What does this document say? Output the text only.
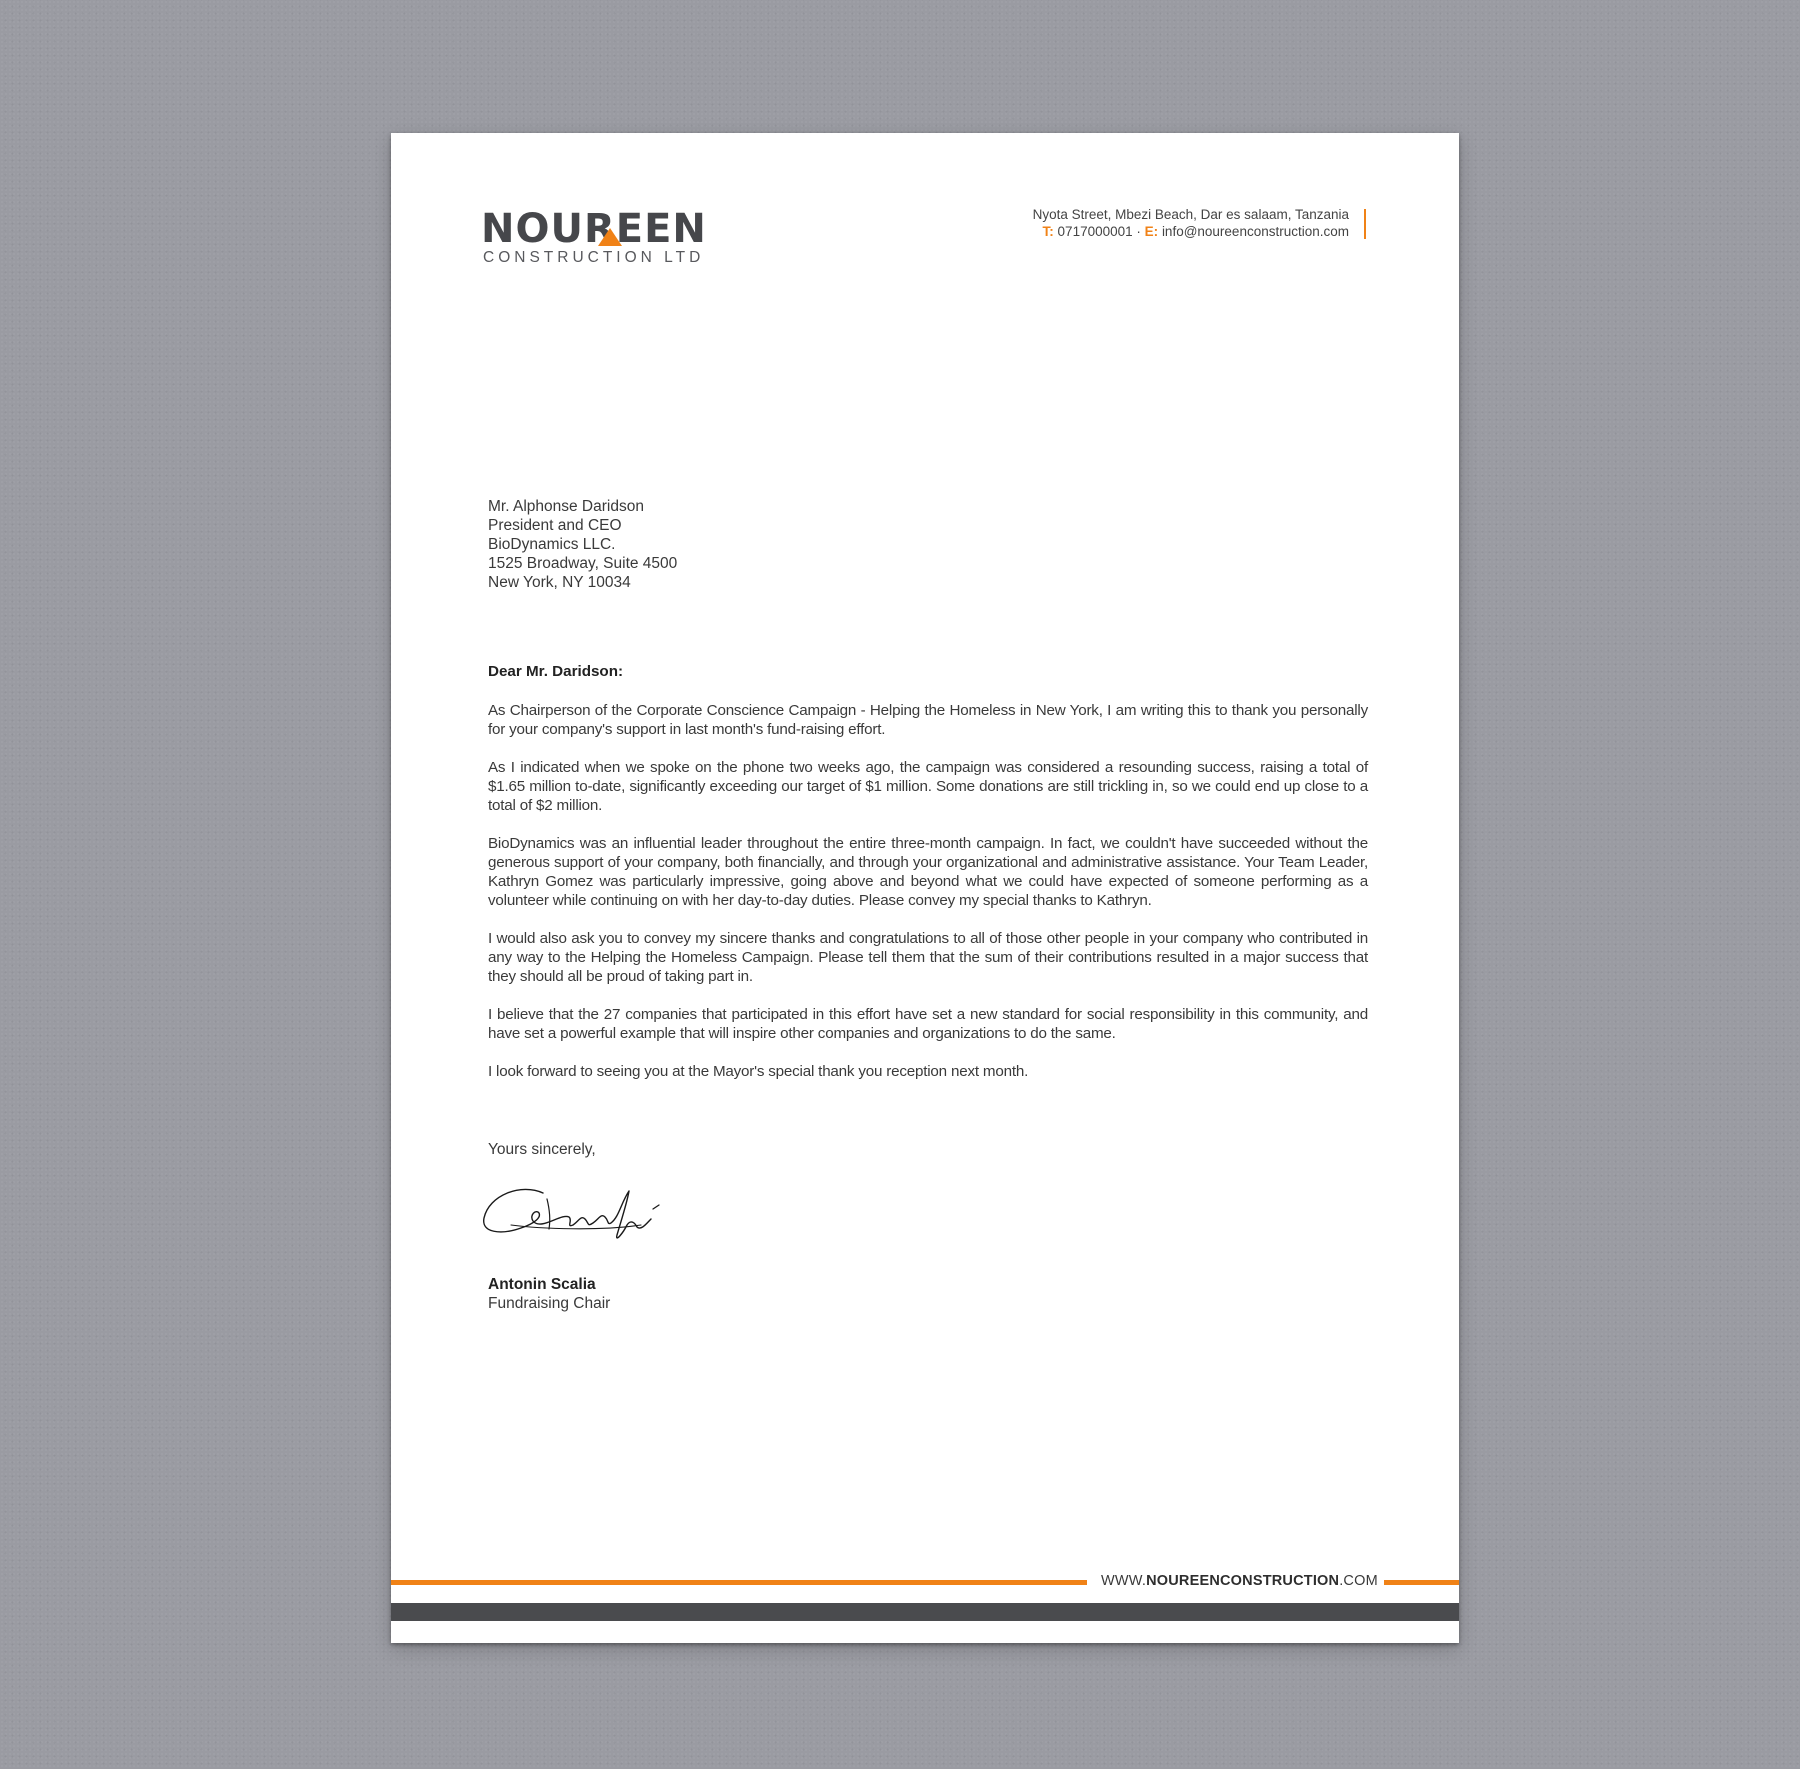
NOUREEN
CONSTRUCTION LTD
Nyota Street, Mbezi Beach, Dar es salaam, Tanzania
T: 0717000001 · E: info@noureenconstruction.com
Mr. Alphonse Daridson
President and CEO
BioDynamics LLC.
1525 Broadway, Suite 4500
New York, NY 10034
Dear Mr. Daridson:

As Chairperson of the Corporate Conscience Campaign - Helping the Homeless in New York, I am writing this to thank you personally for your company's support in last month's fund-raising effort.

As I indicated when we spoke on the phone two weeks ago, the campaign was considered a resounding success, raising a total of $1.65 million to-date, significantly exceeding our target of $1 million. Some donations are still trickling in, so we could end up close to a total of $2 million.

BioDynamics was an influential leader throughout the entire three-month campaign. In fact, we couldn't have succeeded without the generous support of your company, both financially, and through your organizational and administrative assistance. Your Team Leader, Kathryn Gomez was particularly impressive, going above and beyond what we could have expected of someone performing as a volunteer while continuing on with her day-to-day duties. Please convey my special thanks to Kathryn.

I would also ask you to convey my sincere thanks and congratulations to all of those other people in your company who contributed in any way to the Helping the Homeless Campaign. Please tell them that the sum of their contributions resulted in a major success that they should all be proud of taking part in.

I believe that the 27 companies that participated in this effort have set a new standard for social responsibility in this community, and have set a powerful example that will inspire other companies and organizations to do the same.

I look forward to seeing you at the Mayor's special thank you reception next month.

Yours sincerely,
Antonin Scalia
Fundraising Chair
WWW.NOUREENCONSTRUCTION.COM
